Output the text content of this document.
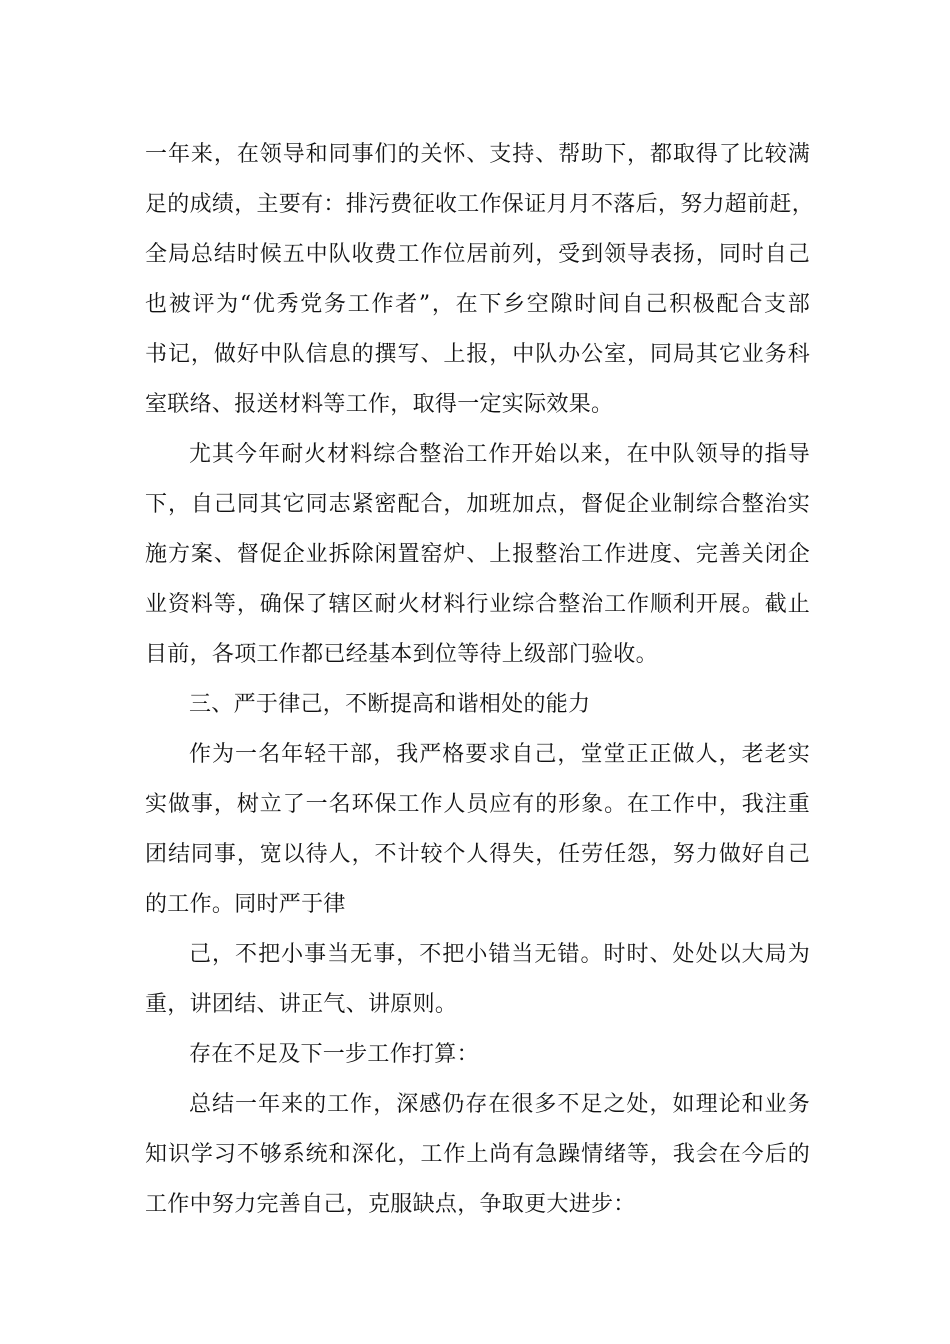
一年来，在领导和同事们的关怀、支持、帮助下，都取得了比较满
足的成绩，主要有：排污费征收工作保证月月不落后，努力超前赶，
全局总结时候五中队收费工作位居前列，受到领导表扬，同时自己
也被评为“优秀党务工作者”，在下乡空隙时间自己积极配合支部
书记，做好中队信息的撰写、上报，中队办公室，同局其它业务科
室联络、报送材料等工作，取得一定实际效果。
尤其今年耐火材料综合整治工作开始以来，在中队领导的指导
下，自己同其它同志紧密配合，加班加点，督促企业制综合整治实
施方案、督促企业拆除闲置窑炉、上报整治工作进度、完善关闭企
业资料等，确保了辖区耐火材料行业综合整治工作顺利开展。截止
目前，各项工作都已经基本到位等待上级部门验收。
三、严于律己，不断提高和谐相处的能力
作为一名年轻干部，我严格要求自己，堂堂正正做人，老老实
实做事，树立了一名环保工作人员应有的形象。在工作中，我注重
团结同事，宽以待人，不计较个人得失，任劳任怨，努力做好自己
的工作。同时严于律
己，不把小事当无事，不把小错当无错。时时、处处以大局为
重，讲团结、讲正气、讲原则。
存在不足及下一步工作打算：
总结一年来的工作，深感仍存在很多不足之处，如理论和业务
知识学习不够系统和深化，工作上尚有急躁情绪等，我会在今后的
工作中努力完善自己，克服缺点，争取更大进步：
